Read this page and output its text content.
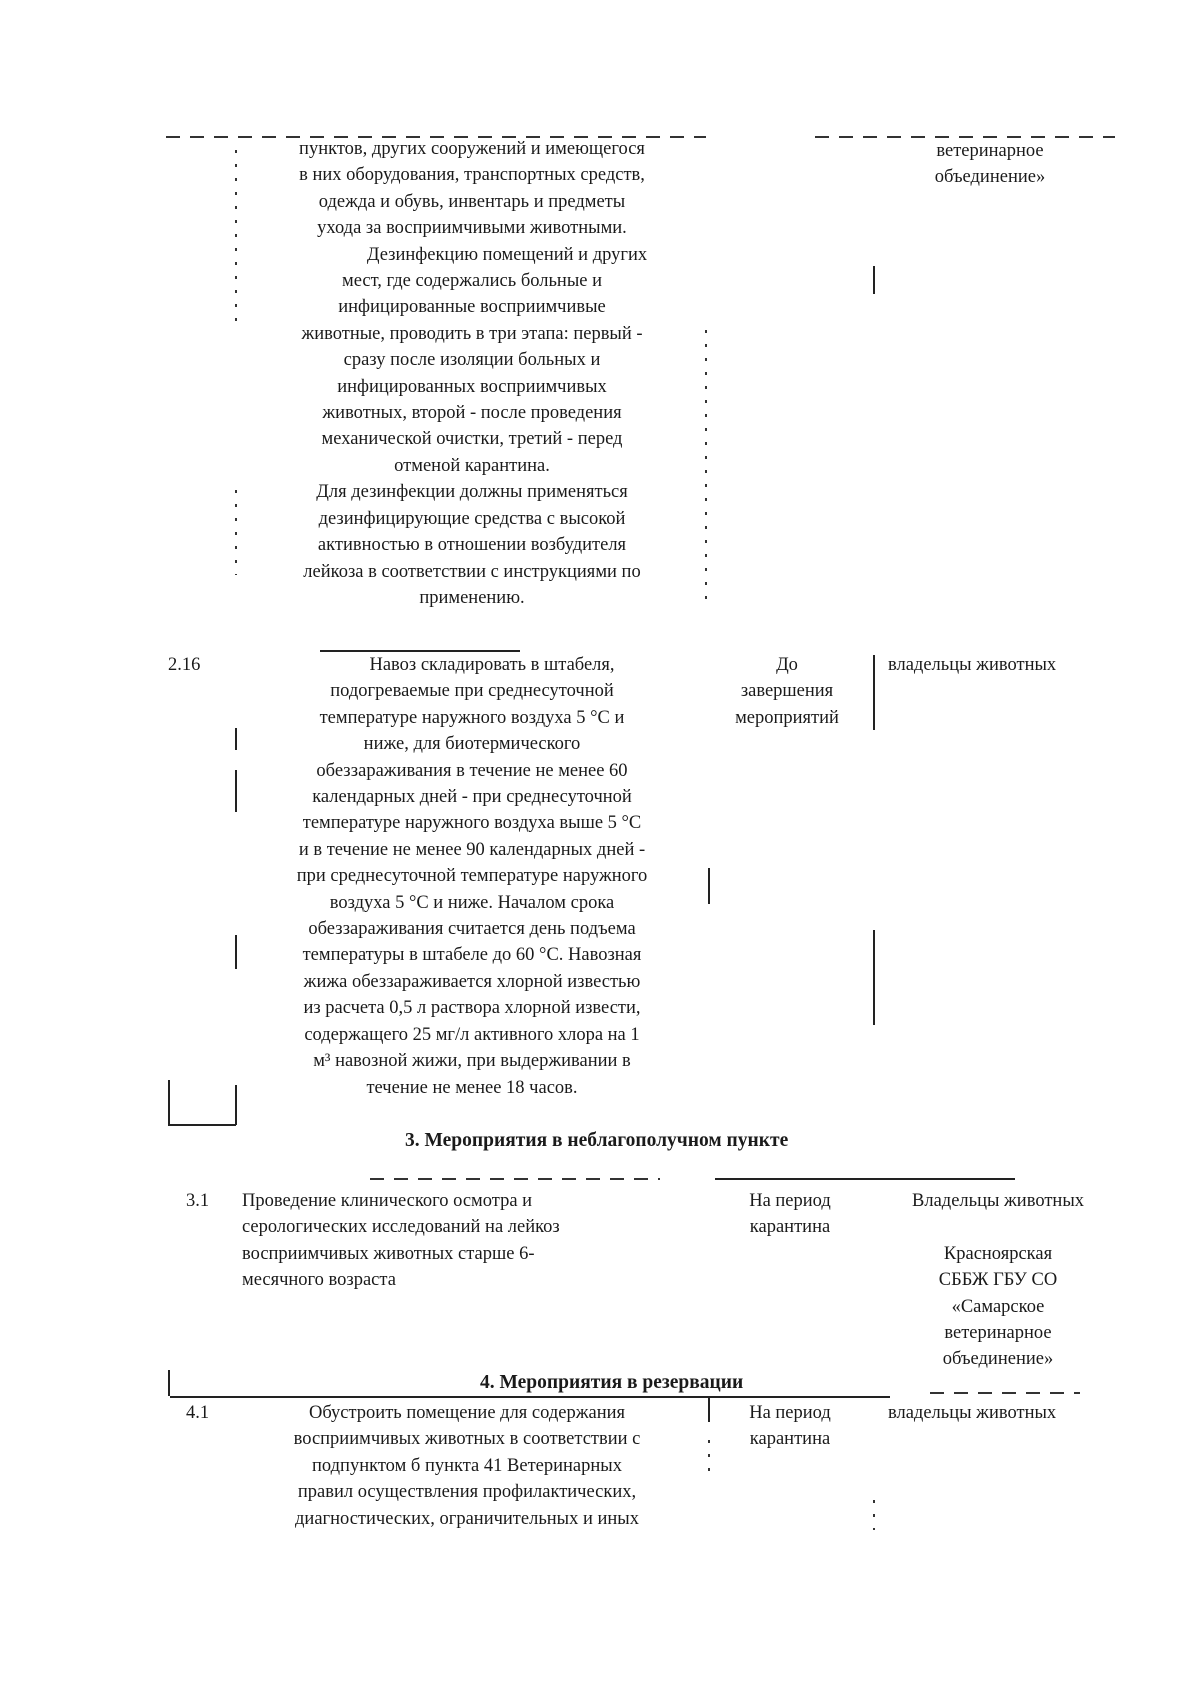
пунктов, других сооружений и имеющегося
в них оборудования, транспортных средств,
одежда и обувь, инвентарь и предметы
ухода за восприимчивыми животными.
Дезинфекцию помещений и других
мест, где содержались больные и
инфицированные восприимчивые
животные, проводить в три этапа: первый -
сразу после изоляции больных и
инфицированных восприимчивых
животных, второй - после проведения
механической очистки, третий - перед
отменой карантина.
Для дезинфекции должны применяться
дезинфицирующие средства с высокой
активностью в отношении возбудителя
лейкоза в соответствии с инструкциями по
применению.
ветеринарное
объединение»
2.16	Навоз складировать в штабеля,
подогреваемые при среднесуточной
температуре наружного воздуха 5 °С и
ниже, для биотермического
обеззараживания в течение не менее 60
календарных дней - при среднесуточной
температуре наружного воздуха выше 5 °С
и в течение не менее 90 календарных дней -
при среднесуточной температуре наружного
воздуха 5 °С и ниже. Началом срока
обеззараживания считается день подъема
температуры в штабеле до 60 °С. Навозная
жижа обеззараживается хлорной известью
из расчета 0,5 л раствора хлорной извести,
содержащего 25 мг/л активного хлора на 1
м³ навозной жижи, при выдерживании в
течение не менее 18 часов.
До
завершения
мероприятий
владельцы животных
3. Мероприятия в неблагополучном пункте
3.1 Проведение клинического осмотра и
серологических исследований на лейкоз
восприимчивых животных старше 6-
месячного возраста
На период
карантина
Владельцы животных

Красноярская
СББЖ ГБУ СО
«Самарское
ветеринарное
объединение»
4. Мероприятия в резервации
4.1	Обустроить помещение для содержания
восприимчивых животных в соответствии с
подпунктом б пункта 41 Ветеринарных
правил осуществления профилактических,
диагностических, ограничительных и иных
На период
карантина
владельцы животных
